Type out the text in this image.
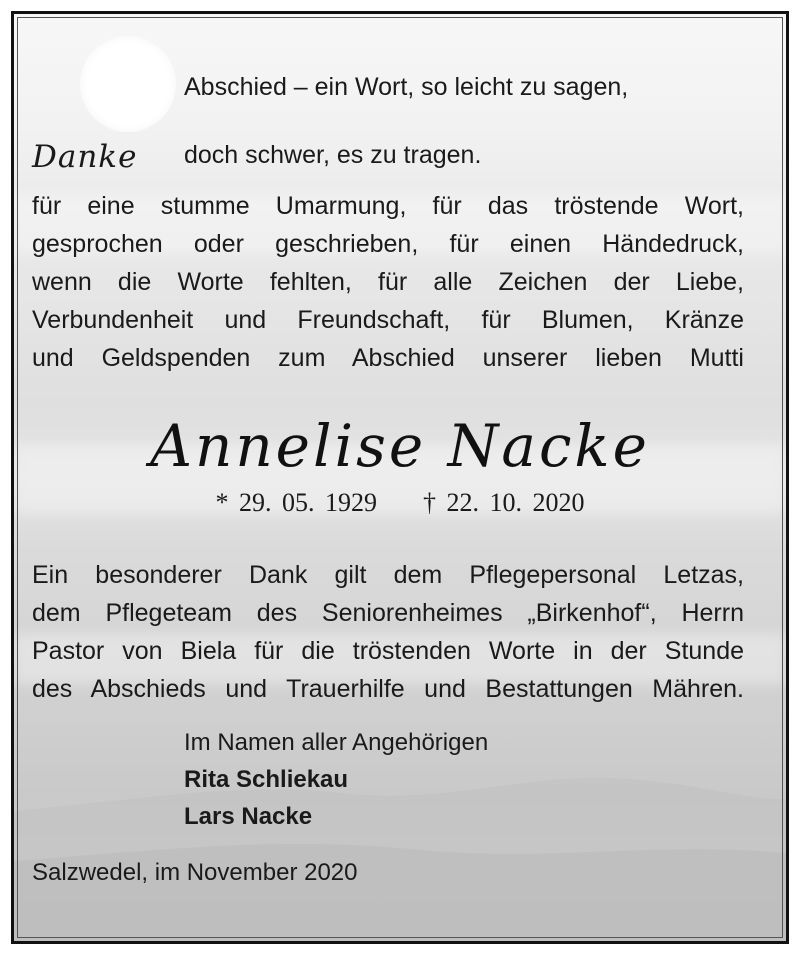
Abschied – ein Wort, so leicht zu sagen,

doch schwer, es zu tragen.

Danke
für eine stumme Umarmung, für das tröstende Wort,
gesprochen oder geschrieben, für einen Händedruck,
wenn die Worte fehlten, für alle Zeichen der Liebe,
Verbundenheit und Freundschaft, für Blumen, Kränze
und Geldspenden zum Abschied unserer lieben Mutti
Annelise Nacke
* 29. 05. 1929 † 22. 10. 2020
Ein besonderer Dank gilt dem Pflegepersonal Letzas,
dem Pflegeteam des Seniorenheimes „Birkenhof“, Herrn
Pastor von Biela für die tröstenden Worte in der Stunde
des Abschieds und Trauerhilfe und Bestattungen Mähren.
Im Namen aller Angehörigen
Rita Schliekau
Lars Nacke
Salzwedel, im November 2020
